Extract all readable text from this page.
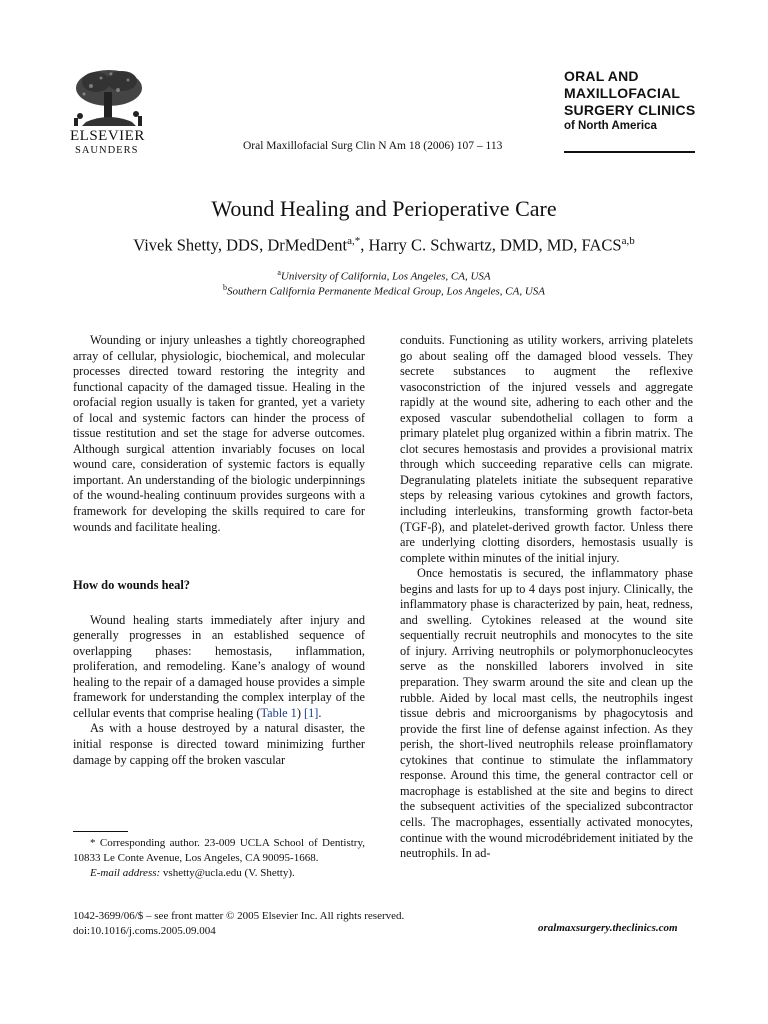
ELSEVIER
SAUNDERS	Oral Maxillofacial Surg Clin N Am 18 (2006) 107 – 113
ORAL AND
MAXILLOFACIAL
SURGERY CLINICS
of North America
Wound Healing and Perioperative Care
Vivek Shetty, DDS, DrMedDent$^{a,*}$, Harry C. Schwartz, DMD, MD, FACS$^{a,b}$
$^a$University of California, Los Angeles, CA, USA
$^b$Southern California Permanente Medical Group, Los Angeles, CA, USA

Wounding or injury unleashes a tightly choreographed array of cellular, physiologic, biochemical, and molecular processes directed toward restoring the integrity and functional capacity of the damaged tissue. Healing in the orofacial region usually is taken for granted, yet a variety of local and systemic factors can hinder the process of tissue restitution and set the stage for adverse outcomes. Although surgical attention invariably focuses on local wound care, consideration of systemic factors is equally important. An understanding of the biologic underpinnings of the wound-healing continuum provides surgeons with a framework for developing the skills required to care for wounds and facilitate healing.

How do wounds heal?

Wound healing starts immediately after injury and generally progresses in an established sequence of overlapping phases: hemostasis, inflammation, proliferation, and remodeling. Kane’s analogy of wound healing to the repair of a damaged house provides a simple framework for understanding the complex interplay of the cellular events that comprise healing (Table 1) [1].

As with a house destroyed by a natural disaster, the initial response is directed toward minimizing further damage by capping off the broken vascular

conduits. Functioning as utility workers, arriving platelets go about sealing off the damaged blood vessels. They secrete substances to augment the reflexive vasoconstriction of the injured vessels and aggregate rapidly at the wound site, adhering to each other and the exposed vascular subendothelial collagen to form a primary platelet plug organized within a fibrin matrix. The clot secures hemostasis and provides a provisional matrix through which succeeding reparative cells can migrate. Degranulating platelets initiate the subsequent reparative steps by releasing various cytokines and growth factors, including interleukins, transforming growth factor-beta (TGF-β), and platelet-derived growth factor. Unless there are underlying clotting disorders, hemostasis usually is complete within minutes of the initial injury.

Once hemostatis is secured, the inflammatory phase begins and lasts for up to 4 days post injury. Clinically, the inflammatory phase is characterized by pain, heat, redness, and swelling. Cytokines released at the wound site sequentially recruit neutrophils and monocytes to the site of injury. Arriving neutrophils or polymorphonucleocytes serve as the nonskilled laborers involved in site preparation. They swarm around the site and clean up the rubble. Aided by local mast cells, the neutrophils ingest tissue debris and microorganisms by phagocytosis and provide the first line of defense against infection. As they perish, the short-lived neutrophils release proinflamatory cytokines that continue to stimulate the inflammatory response. Around this time, the general contractor cell or macrophage is established at the site and begins to direct the subsequent activities of the specialized subcontractor cells. The macrophages, essentially activated monocytes, continue with the wound microdébridement initiated by the neutrophils. In ad-

* Corresponding author. 23-009 UCLA School of Dentistry, 10833 Le Conte Avenue, Los Angeles, CA 90095-1668.

E-mail address: vshetty@ucla.edu (V. Shetty).

1042-3699/06/$ – see front matter © 2005 Elsevier Inc. All rights reserved.
doi:10.1016/j.coms.2005.09.004	oralmaxsurgery.theclinics.com
